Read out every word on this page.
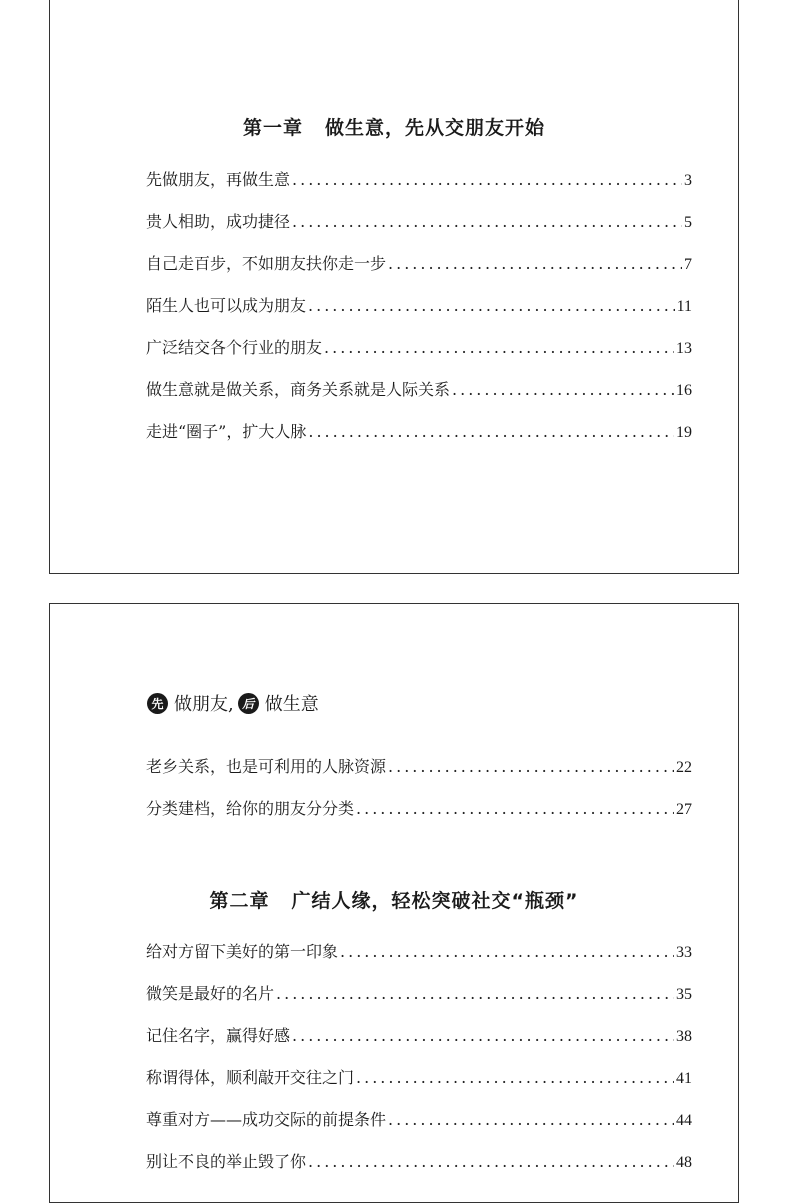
第一章 做生意，先从交朋友开始
先做朋友，再做生意 .....	3
贵人相助，成功捷径 .....	5
自己走百步，不如朋友扶你走一步 .....	7
陌生人也可以成为朋友 .....	11
广泛结交各个行业的朋友 .....	13
做生意就是做关系，商务关系就是人际关系 .....	16
走进“圈子”，扩大人脉 .....	19
先 做朋友, 后 做生意
老乡关系，也是可利用的人脉资源 .....	22
分类建档，给你的朋友分分类 .....	27
第二章 广结人缘，轻松突破社交“瓶颈”
给对方留下美好的第一印象 .....	33
微笑是最好的名片 .....	35
记住名字，赢得好感 .....	38
称谓得体，顺利敲开交往之门 .....	41
尊重对方——成功交际的前提条件 .....	44
别让不良的举止毁了你 .....	48
